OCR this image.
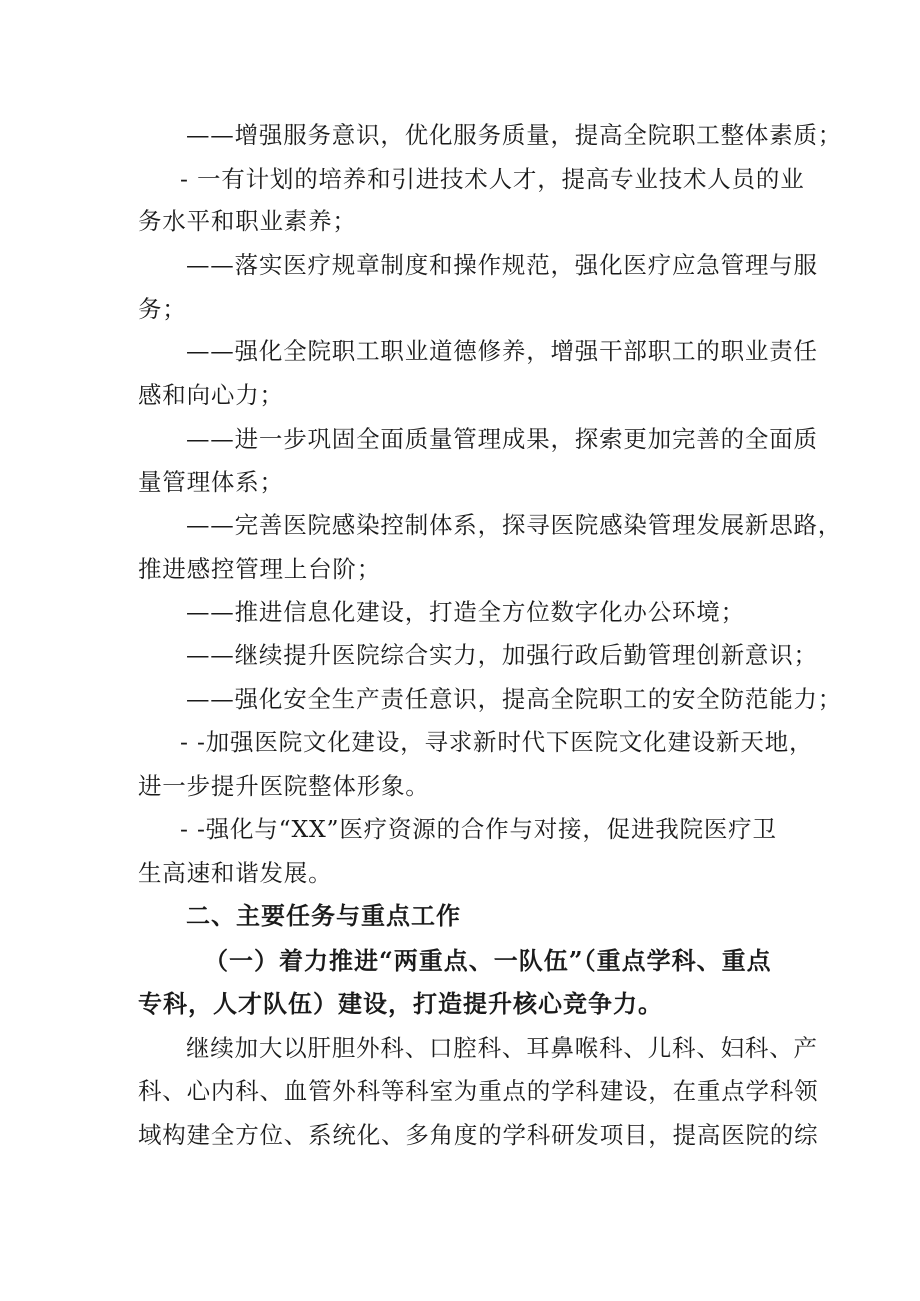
——增强服务意识，优化服务质量，提高全院职工整体素质；
- 一有计划的培养和引进技术人才，提高专业技术人员的业
务水平和职业素养；
——落实医疗规章制度和操作规范，强化医疗应急管理与服
务；
——强化全院职工职业道德修养，增强干部职工的职业责任
感和向心力；
——进一步巩固全面质量管理成果，探索更加完善的全面质
量管理体系；
——完善医院感染控制体系，探寻医院感染管理发展新思路，
推进感控管理上台阶；
——推进信息化建设，打造全方位数字化办公环境；
——继续提升医院综合实力，加强行政后勤管理创新意识；
——强化安全生产责任意识，提高全院职工的安全防范能力；
- -加强医院文化建设，寻求新时代下医院文化建设新天地，
进一步提升医院整体形象。
- -强化与“XX”医疗资源的合作与对接，促进我院医疗卫
生高速和谐发展。
二、主要任务与重点工作
（一）着力推进“两重点、一队伍”（重点学科、重点
专科，人才队伍）建设，打造提升核心竞争力。
继续加大以肝胆外科、口腔科、耳鼻喉科、儿科、妇科、产
科、心内科、血管外科等科室为重点的学科建设，在重点学科领
域构建全方位、系统化、多角度的学科研发项目，提高医院的综
